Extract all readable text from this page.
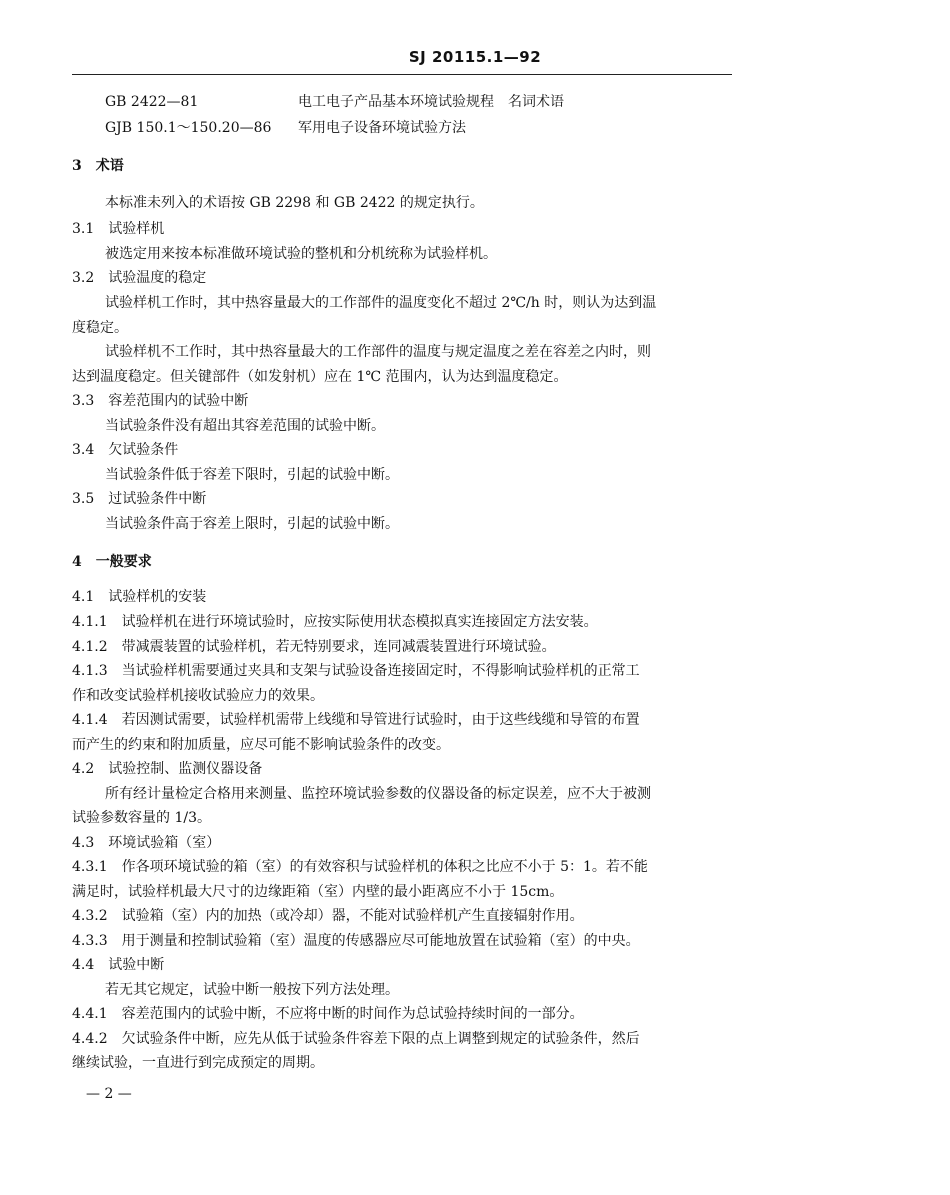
SJ 20115.1—92
GB 2422—81	电工电子产品基本环境试验规程　名词术语
GJB 150.1～150.20—86 军用电子设备环境试验方法
3　术语
本标准未列入的术语按 GB 2298 和 GB 2422 的规定执行。
3.1　试验样机
被选定用来按本标准做环境试验的整机和分机统称为试验样机。
3.2　试验温度的稳定
试验样机工作时，其中热容量最大的工作部件的温度变化不超过 2℃/h 时，则认为达到温
度稳定。
试验样机不工作时，其中热容量最大的工作部件的温度与规定温度之差在容差之内时，则
达到温度稳定。但关键部件（如发射机）应在 1℃ 范围内，认为达到温度稳定。
3.3　容差范围内的试验中断
当试验条件没有超出其容差范围的试验中断。
3.4　欠试验条件
当试验条件低于容差下限时，引起的试验中断。
3.5　过试验条件中断
当试验条件高于容差上限时，引起的试验中断。
4　一般要求
4.1　试验样机的安装
4.1.1　试验样机在进行环境试验时，应按实际使用状态模拟真实连接固定方法安装。
4.1.2　带减震装置的试验样机，若无特别要求，连同减震装置进行环境试验。
4.1.3　当试验样机需要通过夹具和支架与试验设备连接固定时，不得影响试验样机的正常工
作和改变试验样机接收试验应力的效果。
4.1.4　若因测试需要，试验样机需带上线缆和导管进行试验时，由于这些线缆和导管的布置
而产生的约束和附加质量，应尽可能不影响试验条件的改变。
4.2　试验控制、监测仪器设备
所有经计量检定合格用来测量、监控环境试验参数的仪器设备的标定误差，应不大于被测
试验参数容量的 1/3。
4.3　环境试验箱（室）
4.3.1　作各项环境试验的箱（室）的有效容积与试验样机的体积之比应不小于 5：1。若不能
满足时，试验样机最大尺寸的边缘距箱（室）内壁的最小距离应不小于 15cm。
4.3.2　试验箱（室）内的加热（或冷却）器，不能对试验样机产生直接辐射作用。
4.3.3　用于测量和控制试验箱（室）温度的传感器应尽可能地放置在试验箱（室）的中央。
4.4　试验中断
若无其它规定，试验中断一般按下列方法处理。
4.4.1　容差范围内的试验中断，不应将中断的时间作为总试验持续时间的一部分。
4.4.2　欠试验条件中断，应先从低于试验条件容差下限的点上调整到规定的试验条件，然后
继续试验，一直进行到完成预定的周期。
— 2 —
